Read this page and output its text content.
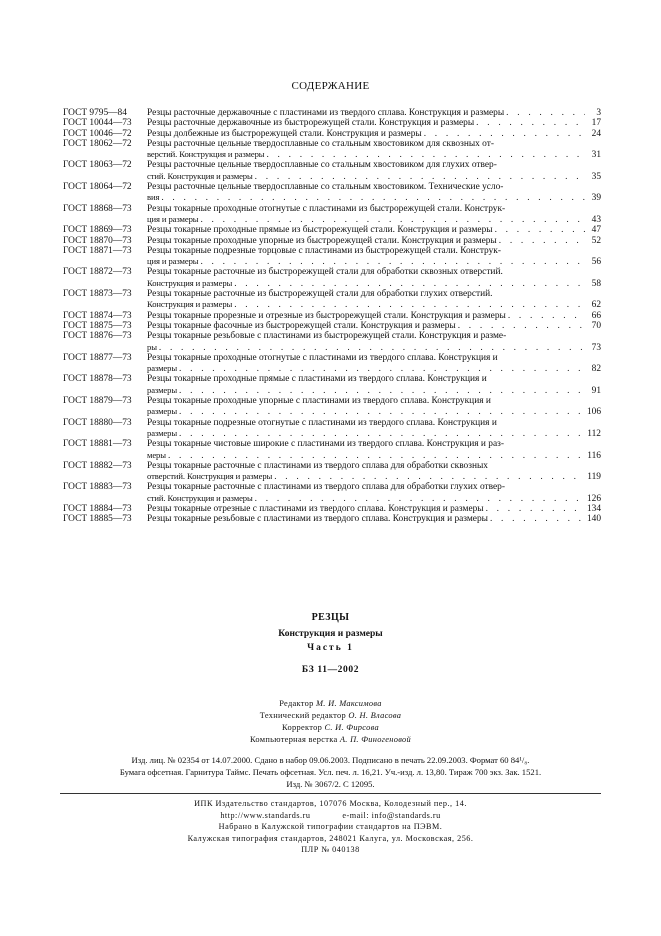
СОДЕРЖАНИЕ
ГОСТ 9795—84	Резцы расточные державочные с пластинами из твердого сплава. Конструкция и размеры . . .	3
ГОСТ 10044—73	Резцы расточные державочные из быстрорежущей стали. Конструкция и размеры . . .	17
ГОСТ 10046—72	Резцы долбежные из быстрорежущей стали. Конструкция и размеры . . .	24
ГОСТ 18062—72	Резцы расточные цельные твердосплавные со стальным хвостовиком для сквозных от-
верстий. Конструкция и размеры . . .	31
ГОСТ 18063—72	Резцы расточные цельные твердосплавные со стальным хвостовиком для глухих отвер-
стий. Конструкция и размеры . . .	35
ГОСТ 18064—72	Резцы расточные цельные твердосплавные со стальным хвостовиком. Технические усло-
вия . . .	39
ГОСТ 18868—73	Резцы токарные проходные отогнутые с пластинами из быстрорежущей стали. Конструк-
ция и размеры . . .	43
ГОСТ 18869—73	Резцы токарные проходные прямые из быстрорежущей стали. Конструкция и размеры . . .	47
ГОСТ 18870—73	Резцы токарные проходные упорные из быстрорежущей стали. Конструкция и размеры . . .	52
ГОСТ 18871—73	Резцы токарные подрезные торцовые с пластинами из быстрорежущей стали. Конструк-
ция и размеры . . .	56
ГОСТ 18872—73	Резцы токарные расточные из быстрорежущей стали для обработки сквозных отверстий.
Конструкция и размеры . . .	58
ГОСТ 18873—73	Резцы токарные расточные из быстрорежущей стали для обработки глухих отверстий.
Конструкция и размеры . . .	62
ГОСТ 18874—73	Резцы токарные прорезные и отрезные из быстрорежущей стали. Конструкция и размеры . . .	66
ГОСТ 18875—73	Резцы токарные фасочные из быстрорежущей стали. Конструкция и размеры . . .	70
ГОСТ 18876—73	Резцы токарные резьбовые с пластинами из быстрорежущей стали. Конструкция и разме-
ры . . .	73
ГОСТ 18877—73	Резцы токарные проходные отогнутые с пластинами из твердого сплава. Конструкция и
размеры . . .	82
ГОСТ 18878—73	Резцы токарные проходные прямые с пластинами из твердого сплава. Конструкция и
размеры . . .	91
ГОСТ 18879—73	Резцы токарные проходные упорные с пластинами из твердого сплава. Конструкция и
размеры . . .	106
ГОСТ 18880—73	Резцы токарные подрезные отогнутые с пластинами из твердого сплава. Конструкция и
размеры . . .	112
ГОСТ 18881—73	Резцы токарные чистовые широкие с пластинами из твердого сплава. Конструкция и раз-
меры . . .	116
ГОСТ 18882—73	Резцы токарные расточные с пластинами из твердого сплава для обработки сквозных
отверстий. Конструкция и размеры . . .	119
ГОСТ 18883—73	Резцы токарные расточные с пластинами из твердого сплава для обработки глухих отвер-
стий. Конструкция и размеры . . .	126
ГОСТ 18884—73	Резцы токарные отрезные с пластинами из твердого сплава. Конструкция и размеры . . .	134
ГОСТ 18885—73	Резцы токарные резьбовые с пластинами из твердого сплава. Конструкция и размеры . . .	140
РЕЗЦЫ
Конструкция и размеры
Часть 1
БЗ 11—2002
Редактор М. И. Максимова
Технический редактор О. Н. Власова
Корректор С. И. Фирсова
Компьютерная верстка А. П. Финогеновой
Изд. лиц. № 02354 от 14.07.2000. Сдано в набор 09.06.2003. Подписано в печать 22.09.2003. Формат 60 84¹/₈.
Бумага офсетная. Гарнитура Таймс. Печать офсетная. Усл. печ. л. 16,21. Уч.-изд. л. 13,80. Тираж 700 экз. Зак. 1521.
Изд. № 3067/2. С 12095.
ИПК Издательство стандартов, 107076 Москва, Колодезный пер., 14.
http://www.standards.ru	e-mail: info@standards.ru
Набрано в Калужской типографии стандартов на ПЭВМ.
Калужская типография стандартов, 248021 Калуга, ул. Московская, 256.
ПЛР № 040138
